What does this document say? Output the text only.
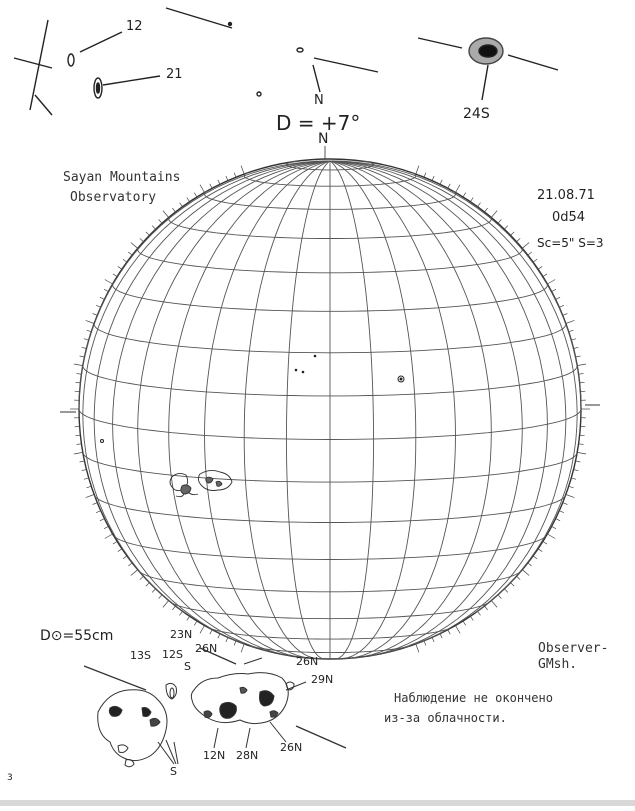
12
21
24S
N
D = +7°
N
Sayan Mountains
Observatory	21.08.71
0d54
Sc=5" S=3
D⊙=55cm
Observer-
GMsh.
Наблюдение не окончено
из-за облачности.
13S 12S
23N
26N
26N
29N
S
S
12N 28N
26N
3
